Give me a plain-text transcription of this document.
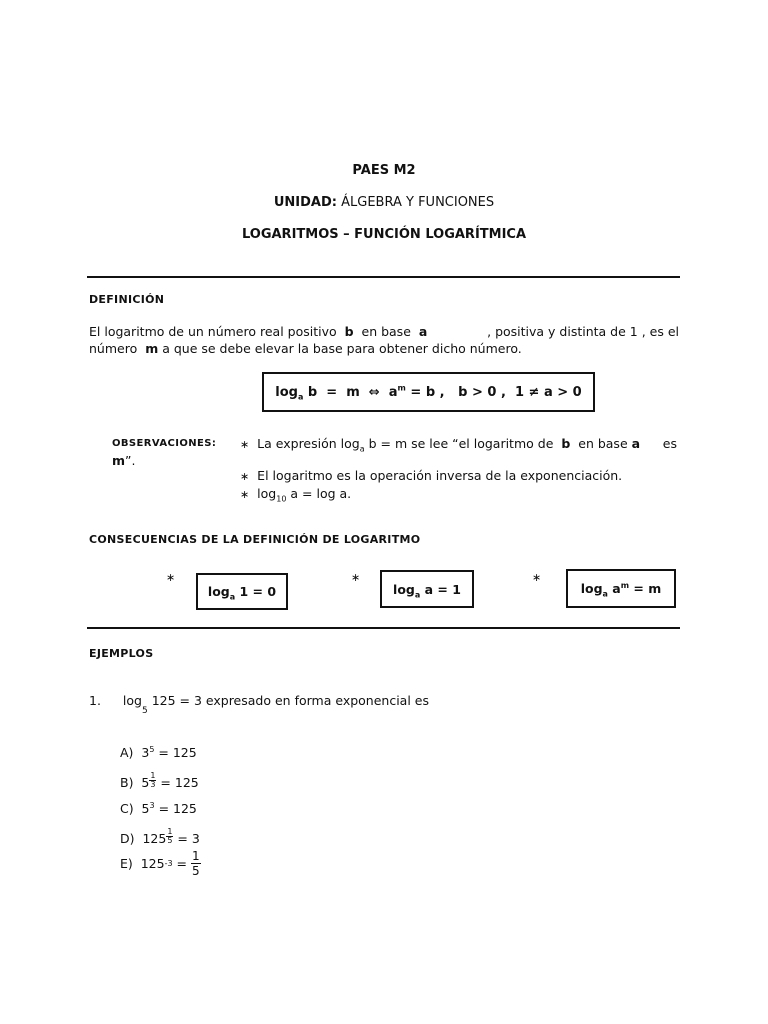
PAES M2
UNIDAD: ÁLGEBRA Y FUNCIONES
LOGARITMOS – FUNCIÓN LOGARÍTMICA
DEFINICIÓN

El logaritmo de un número real positivo b en base a	, positiva y distinta de 1 , es el

número m a que se debe elevar la base para obtener dicho número.

$\log_a b = m$  ⇔  $a^m = b$ ,   b > 0 ,  1 ≠ a > 0
OBSERVACIONES: ∗ La expresión $\log_a b = m$ se lee “el logaritmo de b en base a es
m”.
∗ El logaritmo es la operación inversa de la exponenciación.
∗ $\log_{10} a = \log a$.
CONSECUENCIAS DE LA DEFINICIÓN DE LOGARITMO
∗
$\log_a 1 = 0$
∗
$\log_a a = 1$
∗
$\log_a a^m = m$
EJEMPLOS
1. $\log_5 125 = 3$ expresado en forma exponencial es
A)  $3^5 = 125$
B)  $5 \frac{1}{3} = 125$
C)  $5^3 = 125$
D)  $125 \frac{1}{5} = 3$
E) 125 $-3 = \frac{1}{5}$
